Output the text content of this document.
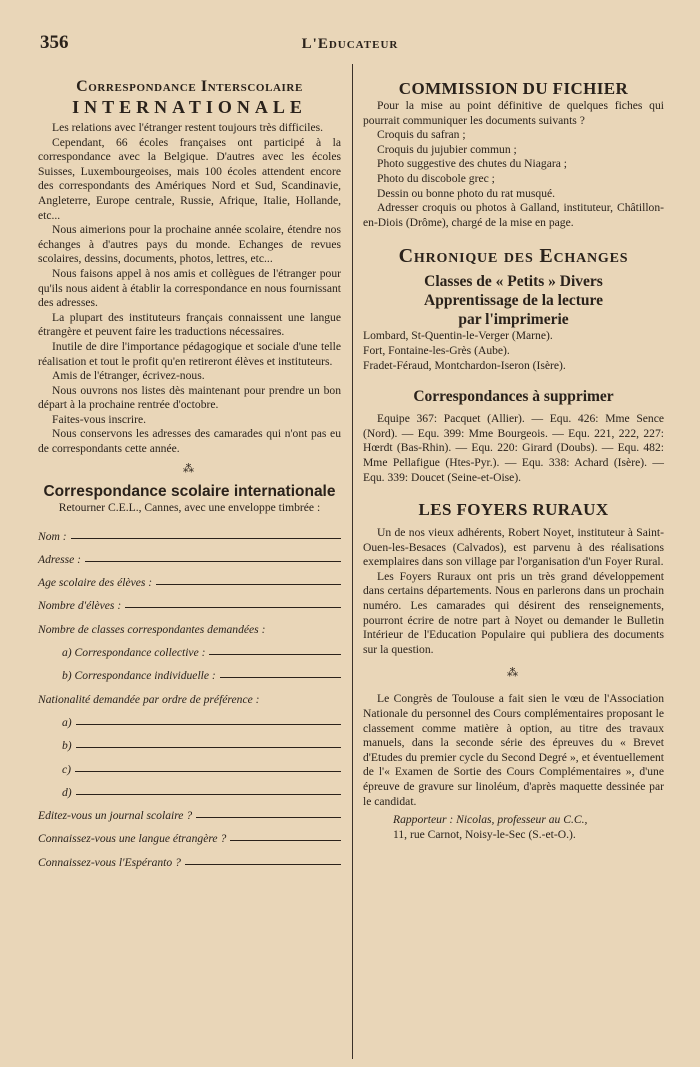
356	L'Educateur
Correspondance Interscolaire
INTERNATIONALE

Les relations avec l'étranger restent toujours très difficiles.

Cependant, 66 écoles françaises ont participé à la correspondance avec la Belgique. D'autres avec les écoles Suisses, Luxembourgeoises, mais 100 écoles attendent encore des correspondants des Amériques Nord et Sud, Scandinavie, Angleterre, Europe centrale, Russie, Afrique, Italie, Hollande, etc...

Nous aimerions pour la prochaine année scolaire, étendre nos échanges à d'autres pays du monde. Echanges de revues scolaires, dessins, documents, photos, lettres, etc...

Nous faisons appel à nos amis et collègues de l'étranger pour qu'ils nous aident à établir la correspondance en nous fournissant des adresses.

La plupart des instituteurs français connaissent une langue étrangère et peuvent faire les traductions nécessaires.

Inutile de dire l'importance pédagogique et sociale d'une telle réalisation et tout le profit qu'en retireront élèves et instituteurs.

Amis de l'étranger, écrivez-nous.

Nous ouvrons nos listes dès maintenant pour prendre un bon départ à la prochaine rentrée d'octobre.

Faites-vous inscrire.

Nous conservons les adresses des camarades qui n'ont pas eu de correspondants cette année.

⁂
Correspondance scolaire internationale

Retourner C.E.L., Cannes, avec une enveloppe timbrée :

Nom :
Adresse :
Age scolaire des élèves :
Nombre d'élèves :
Nombre de classes correspondantes demandées :
a) Correspondance collective :
b) Correspondance individuelle :
Nationalité demandée par ordre de préférence :
a)
b)
c)
d)
Editez-vous un journal scolaire ?
Connaissez-vous une langue étrangère ?
Connaissez-vous l'Espéranto ?
COMMISSION DU FICHIER

Pour la mise au point définitive de quelques fiches qui pourrait communiquer les documents suivants ?

Croquis du safran ;

Croquis du jujubier commun ;

Photo suggestive des chutes du Niagara ;

Photo du discobole grec ;

Dessin ou bonne photo du rat musqué.

Adresser croquis ou photos à Galland, instituteur, Châtillon-en-Diois (Drôme), chargé de la mise en page.

Chronique des Echanges
Classes de « Petits » Divers
Apprentissage de la lecture
par l'imprimerie

Lombard, St-Quentin-le-Verger (Marne).

Fort, Fontaine-les-Grès (Aube).

Fradet-Féraud, Montchardon-Iseron (Isère).

Correspondances à supprimer

Equipe 367: Pacquet (Allier). — Equ. 426: Mme Sence (Nord). — Equ. 399: Mme Bourgeois. — Equ. 221, 222, 227: Hœrdt (Bas-Rhin). — Equ. 220: Girard (Doubs). — Equ. 482: Mme Pellafigue (Htes-Pyr.). — Equ. 338: Achard (Isère). — Equ. 339: Doucet (Seine-et-Oise).

LES FOYERS RURAUX

Un de nos vieux adhérents, Robert Noyet, instituteur à Saint-Ouen-les-Besaces (Calvados), est parvenu à des réalisations exemplaires dans son village par l'organisation d'un Foyer Rural.

Les Foyers Ruraux ont pris un très grand développement dans certains départements. Nous en parlerons dans un prochain numéro. Les camarades qui désirent des renseignements, pourront écrire de notre part à Noyet ou demander le Bulletin Intérieur de l'Education Populaire qui publiera des documents sur la question.

⁂

Le Congrès de Toulouse a fait sien le vœu de l'Association Nationale du personnel des Cours complémentaires proposant le classement comme matière à option, au titre des travaux manuels, dans la seconde série des épreuves du « Brevet d'Etudes du premier cycle du Second Degré », et éventuellement de l'« Examen de Sortie des Cours Complémentaires », d'une épreuve de gravure sur linoléum, d'après maquette dessinée par le candidat.

Rapporteur : Nicolas, professeur au C.C.,
11, rue Carnot, Noisy-le-Sec (S.-et-O.).
